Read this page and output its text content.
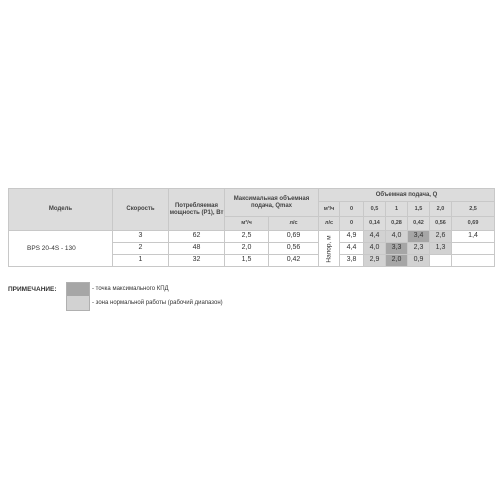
Модель	Скорость	Потребляемая мощность (P1), Вт	Максимальная объемная подача, Qmax		Объемная подача, Q						
					м³/ч	0	0,5	1	1,5	2,0	2,5
			м³/ч	л/с	л/с	0	0,14	0,28	0,42	0,56	0,69
BPS 20-4S - 130	3	62	2,5	0,69	Напор, м	4,9	4,4	4,0	3,4	2,6	1,4
	2	48	2,0	0,56		4,4	4,0	3,3	2,3	1,3	
	1	32	1,5	0,42		3,8	2,9	2,0	0,9		
ПРИМЕЧАНИЕ:	- точка максимального КПД
- зона нормальной работы (рабочий диапазон)
